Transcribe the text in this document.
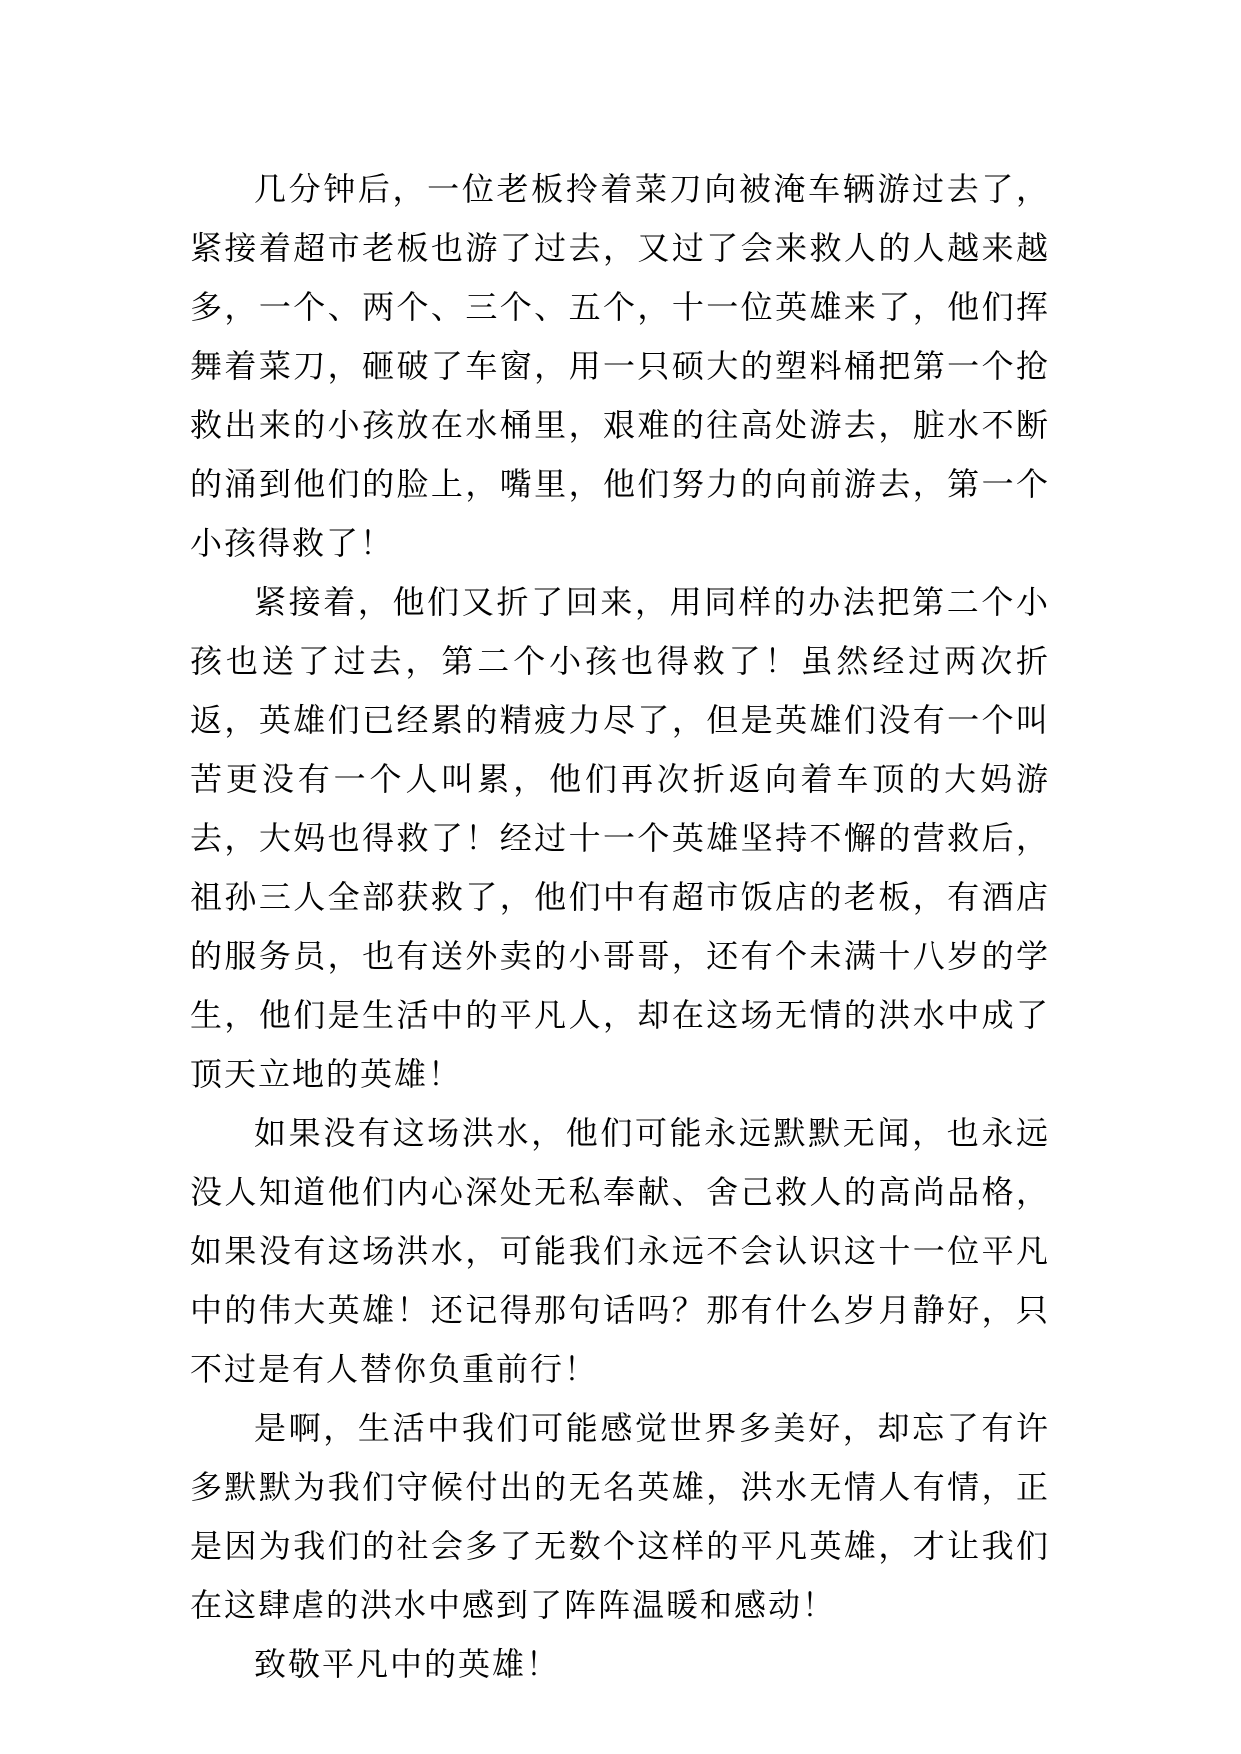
几分钟后，一位老板拎着菜刀向被淹车辆游过去了，紧接着超市老板也游了过去，又过了会来救人的人越来越多，一个、两个、三个、五个，十一位英雄来了，他们挥舞着菜刀，砸破了车窗，用一只硕大的塑料桶把第一个抢救出来的小孩放在水桶里，艰难的往高处游去，脏水不断的涌到他们的脸上，嘴里，他们努力的向前游去，第一个小孩得救了！

紧接着，他们又折了回来，用同样的办法把第二个小孩也送了过去，第二个小孩也得救了！虽然经过两次折返，英雄们已经累的精疲力尽了，但是英雄们没有一个叫苦更没有一个人叫累，他们再次折返向着车顶的大妈游去，大妈也得救了！经过十一个英雄坚持不懈的营救后，祖孙三人全部获救了，他们中有超市饭店的老板，有酒店的服务员，也有送外卖的小哥哥，还有个未满十八岁的学生，他们是生活中的平凡人，却在这场无情的洪水中成了顶天立地的英雄！

如果没有这场洪水，他们可能永远默默无闻，也永远没人知道他们内心深处无私奉献、舍己救人的高尚品格，如果没有这场洪水，可能我们永远不会认识这十一位平凡中的伟大英雄！还记得那句话吗？那有什么岁月静好，只不过是有人替你负重前行！

是啊，生活中我们可能感觉世界多美好，却忘了有许多默默为我们守候付出的无名英雄，洪水无情人有情，正是因为我们的社会多了无数个这样的平凡英雄，才让我们在这肆虐的洪水中感到了阵阵温暖和感动！

致敬平凡中的英雄！
